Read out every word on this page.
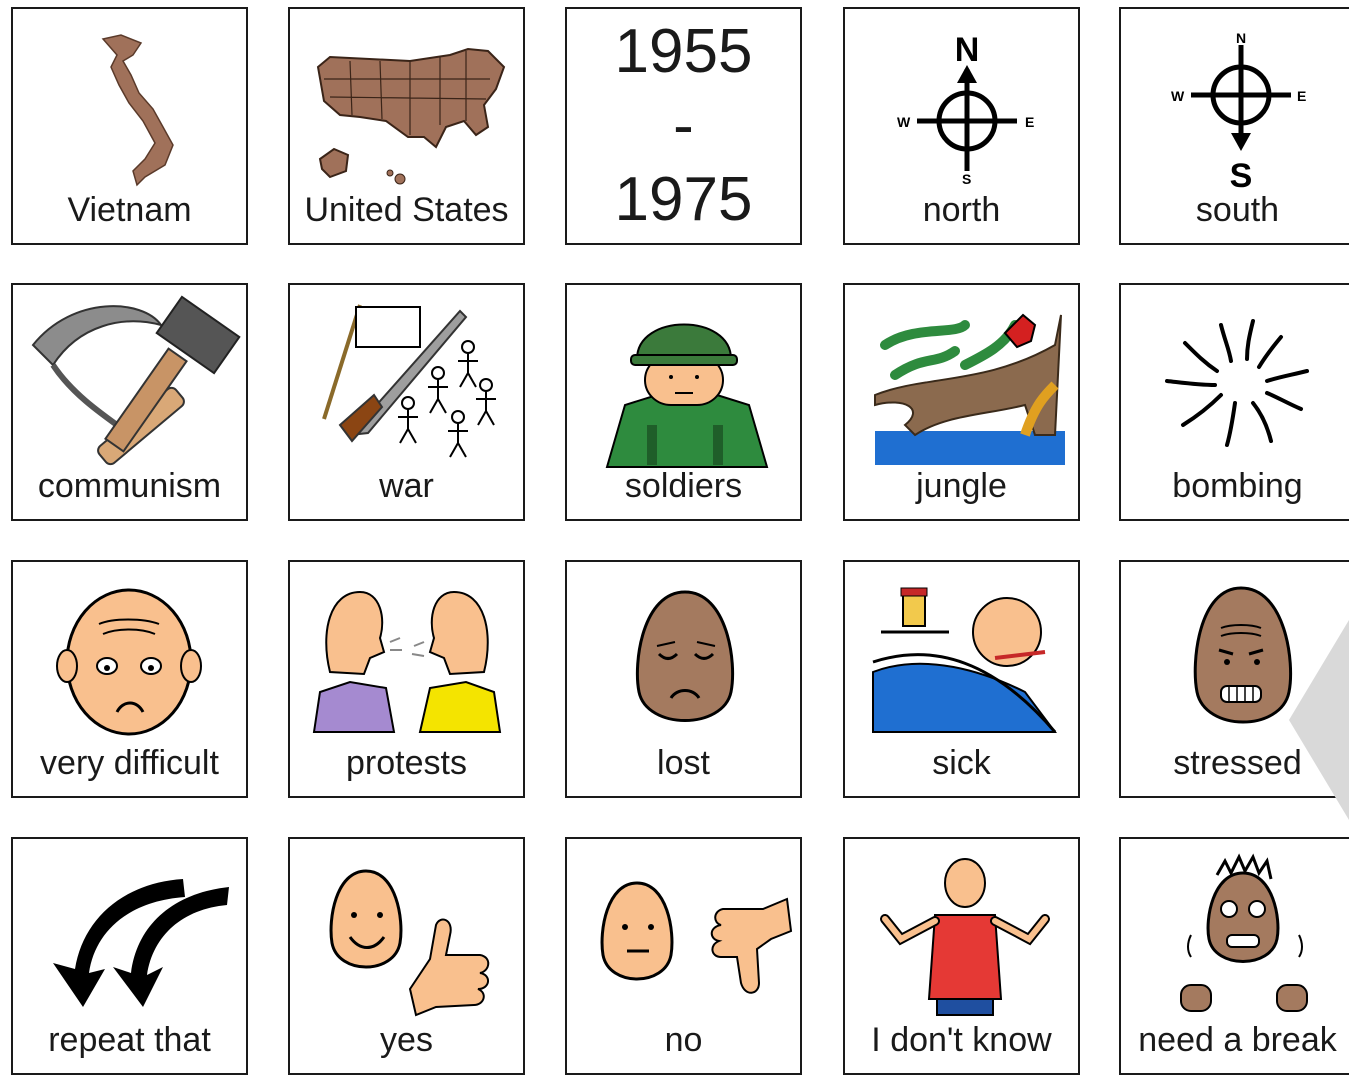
Vietnam	United States
1955
-
1975
N
E
W
S
north
N
E
W
S
south
communism	war	soldiers	jungle	bombing
very difficult	protests	lost	sick	stressed
repeat that	yes	no	I don't know	need a break
